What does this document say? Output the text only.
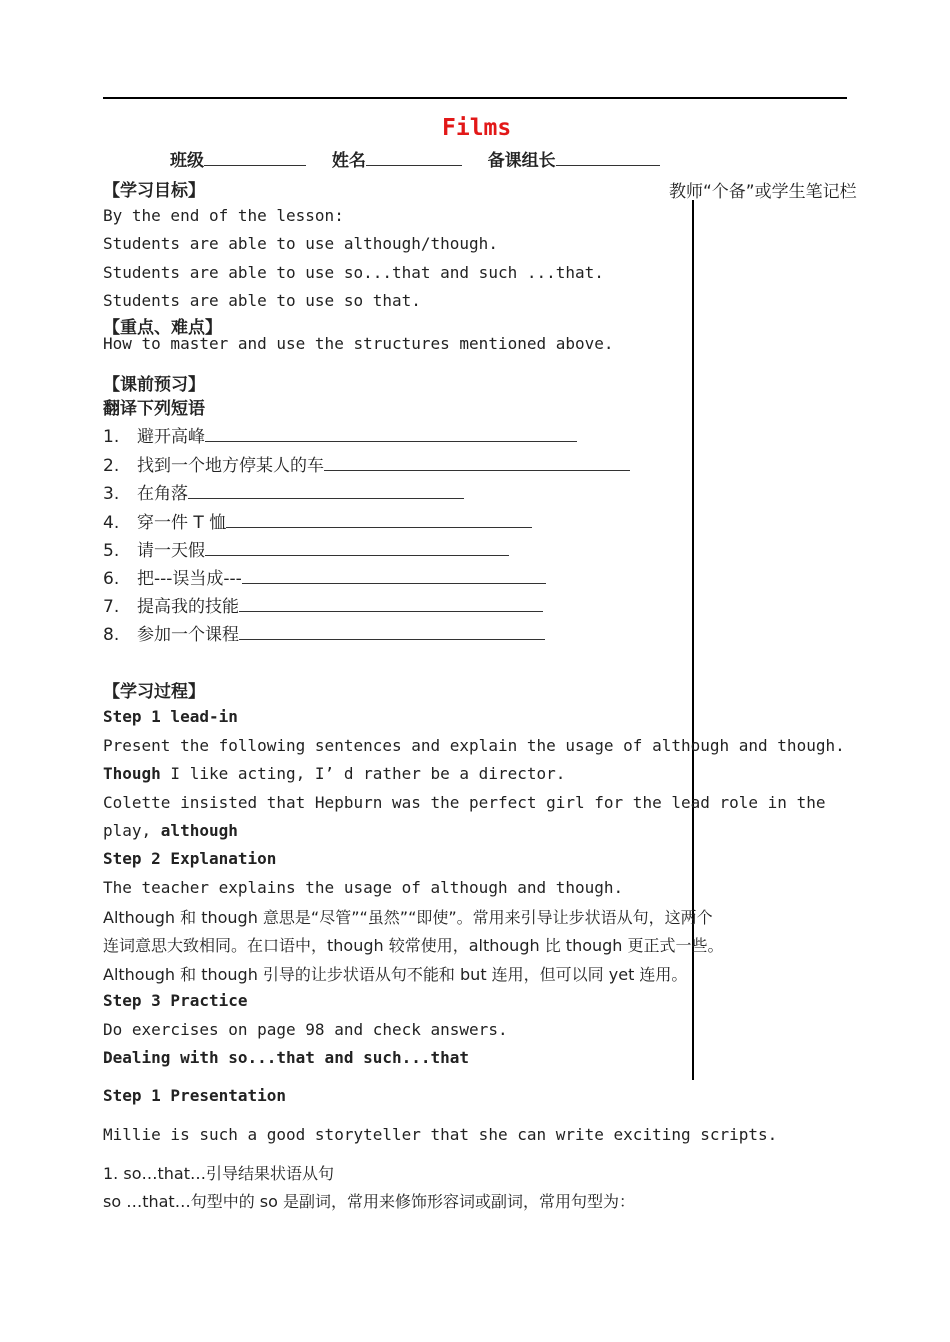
Films
班级	姓名	备课组长
教师“个备”或学生笔记栏
【学习目标】
By the end of the lesson:
Students are able to use although/though.
Students are able to use so...that and such ...that.
Students are able to use so that.
【重点、难点】
How to master and use the structures mentioned above.
【课前预习】
翻译下列短语
1. 避开高峰
2. 找到一个地方停某人的车
3. 在角落
4. 穿一件 T 恤
5. 请一天假
6. 把---误当成---
7. 提高我的技能
8. 参加一个课程
【学习过程】
Step 1 lead-in
Present the following sentences and explain the usage of although and though.
Though I like acting, I’ d rather be a director.
Colette insisted that Hepburn was the perfect girl for the lead role in the
play, although
Step 2 Explanation
The teacher explains the usage of although and though.
Although 和 though 意思是“尽管”“虽然”“即使”。常用来引导让步状语从句，这两个
连词意思大致相同。在口语中，though 较常使用，although 比 though 更正式一些。
Although 和 though 引导的让步状语从句不能和 but 连用，但可以同 yet 连用。
Step 3 Practice
Do exercises on page 98 and check answers.
Dealing with so...that and such...that
Step 1 Presentation
Millie is such a good storyteller that she can write exciting scripts.
1. so…that…引导结果状语从句
so …that…句型中的 so 是副词，常用来修饰形容词或副词，常用句型为：
